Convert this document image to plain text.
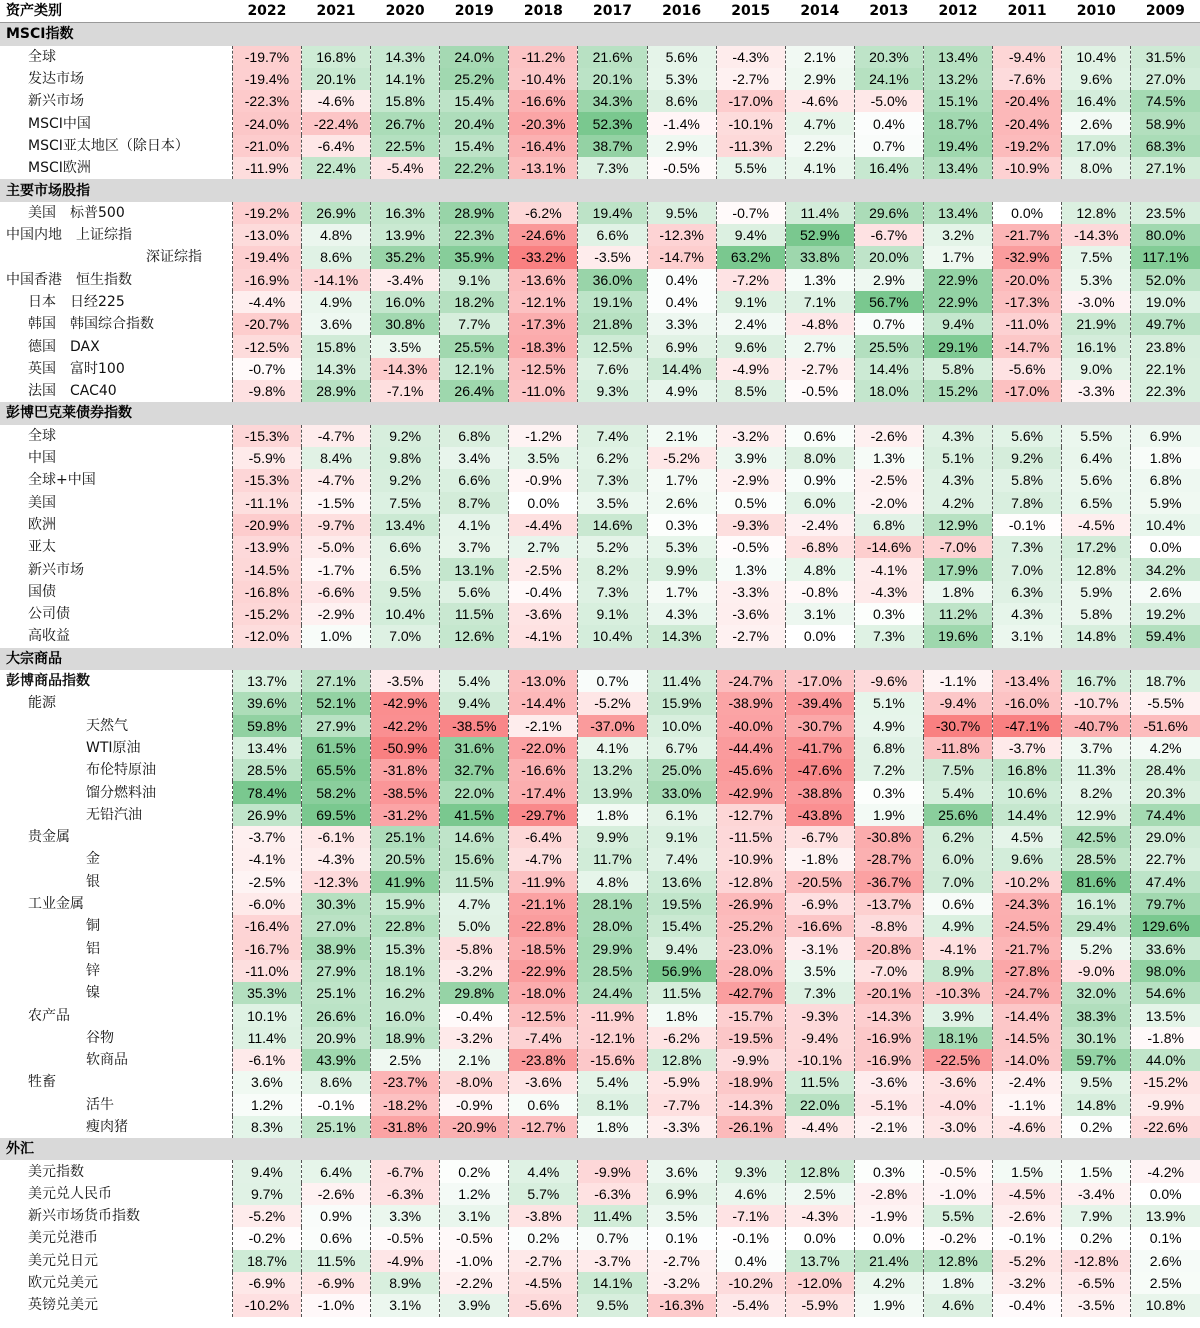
资产类别	2022	2021	2020	2019	2018	2017	2016	2015	2014	2013	2012	2011	2010	2009
MSCI指数														
全球	-19.7%	16.8%	14.3%	24.0%	-11.2%	21.6%	5.6%	-4.3%	2.1%	20.3%	13.4%	-9.4%	10.4%	31.5%
发达市场	-19.4%	20.1%	14.1%	25.2%	-10.4%	20.1%	5.3%	-2.7%	2.9%	24.1%	13.2%	-7.6%	9.6%	27.0%
新兴市场	-22.3%	-4.6%	15.8%	15.4%	-16.6%	34.3%	8.6%	-17.0%	-4.6%	-5.0%	15.1%	-20.4%	16.4%	74.5%
MSCI中国	-24.0%	-22.4%	26.7%	20.4%	-20.3%	52.3%	-1.4%	-10.1%	4.7%	0.4%	18.7%	-20.4%	2.6%	58.9%
MSCI亚太地区（除日本）	-21.0%	-6.4%	22.5%	15.4%	-16.4%	38.7%	2.9%	-11.3%	2.2%	0.7%	19.4%	-19.2%	17.0%	68.3%
MSCI欧洲	-11.9%	22.4%	-5.4%	22.2%	-13.1%	7.3%	-0.5%	5.5%	4.1%	16.4%	13.4%	-10.9%	8.0%	27.1%
主要市场股指														
美国　标普500	-19.2%	26.9%	16.3%	28.9%	-6.2%	19.4%	9.5%	-0.7%	11.4%	29.6%	13.4%	0.0%	12.8%	23.5%
中国内地　上证综指	-13.0%	4.8%	13.9%	22.3%	-24.6%	6.6%	-12.3%	9.4%	52.9%	-6.7%	3.2%	-21.7%	-14.3%	80.0%
深证综指	-19.4%	8.6%	35.2%	35.9%	-33.2%	-3.5%	-14.7%	63.2%	33.8%	20.0%	1.7%	-32.9%	7.5%	117.1%
中国香港　恒生指数	-16.9%	-14.1%	-3.4%	9.1%	-13.6%	36.0%	0.4%	-7.2%	1.3%	2.9%	22.9%	-20.0%	5.3%	52.0%
日本　日经225	-4.4%	4.9%	16.0%	18.2%	-12.1%	19.1%	0.4%	9.1%	7.1%	56.7%	22.9%	-17.3%	-3.0%	19.0%
韩国　韩国综合指数	-20.7%	3.6%	30.8%	7.7%	-17.3%	21.8%	3.3%	2.4%	-4.8%	0.7%	9.4%	-11.0%	21.9%	49.7%
德国　DAX	-12.5%	15.8%	3.5%	25.5%	-18.3%	12.5%	6.9%	9.6%	2.7%	25.5%	29.1%	-14.7%	16.1%	23.8%
英国　富时100	-0.7%	14.3%	-14.3%	12.1%	-12.5%	7.6%	14.4%	-4.9%	-2.7%	14.4%	5.8%	-5.6%	9.0%	22.1%
法国　CAC40	-9.8%	28.9%	-7.1%	26.4%	-11.0%	9.3%	4.9%	8.5%	-0.5%	18.0%	15.2%	-17.0%	-3.3%	22.3%
彭博巴克莱债券指数														
全球	-15.3%	-4.7%	9.2%	6.8%	-1.2%	7.4%	2.1%	-3.2%	0.6%	-2.6%	4.3%	5.6%	5.5%	6.9%
中国	-5.9%	8.4%	9.8%	3.4%	3.5%	6.2%	-5.2%	3.9%	8.0%	1.3%	5.1%	9.2%	6.4%	1.8%
全球+中国	-15.3%	-4.7%	9.2%	6.6%	-0.9%	7.3%	1.7%	-2.9%	0.9%	-2.5%	4.3%	5.8%	5.6%	6.8%
美国	-11.1%	-1.5%	7.5%	8.7%	0.0%	3.5%	2.6%	0.5%	6.0%	-2.0%	4.2%	7.8%	6.5%	5.9%
欧洲	-20.9%	-9.7%	13.4%	4.1%	-4.4%	14.6%	0.3%	-9.3%	-2.4%	6.8%	12.9%	-0.1%	-4.5%	10.4%
亚太	-13.9%	-5.0%	6.6%	3.7%	2.7%	5.2%	5.3%	-0.5%	-6.8%	-14.6%	-7.0%	7.3%	17.2%	0.0%
新兴市场	-14.5%	-1.7%	6.5%	13.1%	-2.5%	8.2%	9.9%	1.3%	4.8%	-4.1%	17.9%	7.0%	12.8%	34.2%
国债	-16.8%	-6.6%	9.5%	5.6%	-0.4%	7.3%	1.7%	-3.3%	-0.8%	-4.3%	1.8%	6.3%	5.9%	2.6%
公司债	-15.2%	-2.9%	10.4%	11.5%	-3.6%	9.1%	4.3%	-3.6%	3.1%	0.3%	11.2%	4.3%	5.8%	19.2%
高收益	-12.0%	1.0%	7.0%	12.6%	-4.1%	10.4%	14.3%	-2.7%	0.0%	7.3%	19.6%	3.1%	14.8%	59.4%
大宗商品														
彭博商品指数	13.7%	27.1%	-3.5%	5.4%	-13.0%	0.7%	11.4%	-24.7%	-17.0%	-9.6%	-1.1%	-13.4%	16.7%	18.7%
能源	39.6%	52.1%	-42.9%	9.4%	-14.4%	-5.2%	15.9%	-38.9%	-39.4%	5.1%	-9.4%	-16.0%	-10.7%	-5.5%
天然气	59.8%	27.9%	-42.2%	-38.5%	-2.1%	-37.0%	10.0%	-40.0%	-30.7%	4.9%	-30.7%	-47.1%	-40.7%	-51.6%
WTI原油	13.4%	61.5%	-50.9%	31.6%	-22.0%	4.1%	6.7%	-44.4%	-41.7%	6.8%	-11.8%	-3.7%	3.7%	4.2%
布伦特原油	28.5%	65.5%	-31.8%	32.7%	-16.6%	13.2%	25.0%	-45.6%	-47.6%	7.2%	7.5%	16.8%	11.3%	28.4%
馏分燃料油	78.4%	58.2%	-38.5%	22.0%	-17.4%	13.9%	33.0%	-42.9%	-38.8%	0.3%	5.4%	10.6%	8.2%	20.3%
无铅汽油	26.9%	69.5%	-31.2%	41.5%	-29.7%	1.8%	6.1%	-12.7%	-43.8%	1.9%	25.6%	14.4%	12.9%	74.4%
贵金属	-3.7%	-6.1%	25.1%	14.6%	-6.4%	9.9%	9.1%	-11.5%	-6.7%	-30.8%	6.2%	4.5%	42.5%	29.0%
金	-4.1%	-4.3%	20.5%	15.6%	-4.7%	11.7%	7.4%	-10.9%	-1.8%	-28.7%	6.0%	9.6%	28.5%	22.7%
银	-2.5%	-12.3%	41.9%	11.5%	-11.9%	4.8%	13.6%	-12.8%	-20.5%	-36.7%	7.0%	-10.2%	81.6%	47.4%
工业金属	-6.0%	30.3%	15.9%	4.7%	-21.1%	28.1%	19.5%	-26.9%	-6.9%	-13.7%	0.6%	-24.3%	16.1%	79.7%
铜	-16.4%	27.0%	22.8%	5.0%	-22.8%	28.0%	15.4%	-25.2%	-16.6%	-8.8%	4.9%	-24.5%	29.4%	129.6%
铝	-16.7%	38.9%	15.3%	-5.8%	-18.5%	29.9%	9.4%	-23.0%	-3.1%	-20.8%	-4.1%	-21.7%	5.2%	33.6%
锌	-11.0%	27.9%	18.1%	-3.2%	-22.9%	28.5%	56.9%	-28.0%	3.5%	-7.0%	8.9%	-27.8%	-9.0%	98.0%
镍	35.3%	25.1%	16.2%	29.8%	-18.0%	24.4%	11.5%	-42.7%	7.3%	-20.1%	-10.3%	-24.7%	32.0%	54.6%
农产品	10.1%	26.6%	16.0%	-0.4%	-12.5%	-11.9%	1.8%	-15.7%	-9.3%	-14.3%	3.9%	-14.4%	38.3%	13.5%
谷物	11.4%	20.9%	18.9%	-3.2%	-7.4%	-12.1%	-6.2%	-19.5%	-9.4%	-16.9%	18.1%	-14.5%	30.1%	-1.8%
软商品	-6.1%	43.9%	2.5%	2.1%	-23.8%	-15.6%	12.8%	-9.9%	-10.1%	-16.9%	-22.5%	-14.0%	59.7%	44.0%
牲畜	3.6%	8.6%	-23.7%	-8.0%	-3.6%	5.4%	-5.9%	-18.9%	11.5%	-3.6%	-3.6%	-2.4%	9.5%	-15.2%
活牛	1.2%	-0.1%	-18.2%	-0.9%	0.6%	8.1%	-7.7%	-14.3%	22.0%	-5.1%	-4.0%	-1.1%	14.8%	-9.9%
瘦肉猪	8.3%	25.1%	-31.8%	-20.9%	-12.7%	1.8%	-3.3%	-26.1%	-4.4%	-2.1%	-3.0%	-4.6%	0.2%	-22.6%
外汇														
美元指数	9.4%	6.4%	-6.7%	0.2%	4.4%	-9.9%	3.6%	9.3%	12.8%	0.3%	-0.5%	1.5%	1.5%	-4.2%
美元兑人民币	9.7%	-2.6%	-6.3%	1.2%	5.7%	-6.3%	6.9%	4.6%	2.5%	-2.8%	-1.0%	-4.5%	-3.4%	0.0%
新兴市场货币指数	-5.2%	0.9%	3.3%	3.1%	-3.8%	11.4%	3.5%	-7.1%	-4.3%	-1.9%	5.5%	-2.6%	7.9%	13.9%
美元兑港币	-0.2%	0.6%	-0.5%	-0.5%	0.2%	0.7%	0.1%	-0.1%	0.0%	0.0%	-0.2%	-0.1%	0.2%	0.1%
美元兑日元	18.7%	11.5%	-4.9%	-1.0%	-2.7%	-3.7%	-2.7%	0.4%	13.7%	21.4%	12.8%	-5.2%	-12.8%	2.6%
欧元兑美元	-6.9%	-6.9%	8.9%	-2.2%	-4.5%	14.1%	-3.2%	-10.2%	-12.0%	4.2%	1.8%	-3.2%	-6.5%	2.5%
英镑兑美元	-10.2%	-1.0%	3.1%	3.9%	-5.6%	9.5%	-16.3%	-5.4%	-5.9%	1.9%	4.6%	-0.4%	-3.5%	10.8%
